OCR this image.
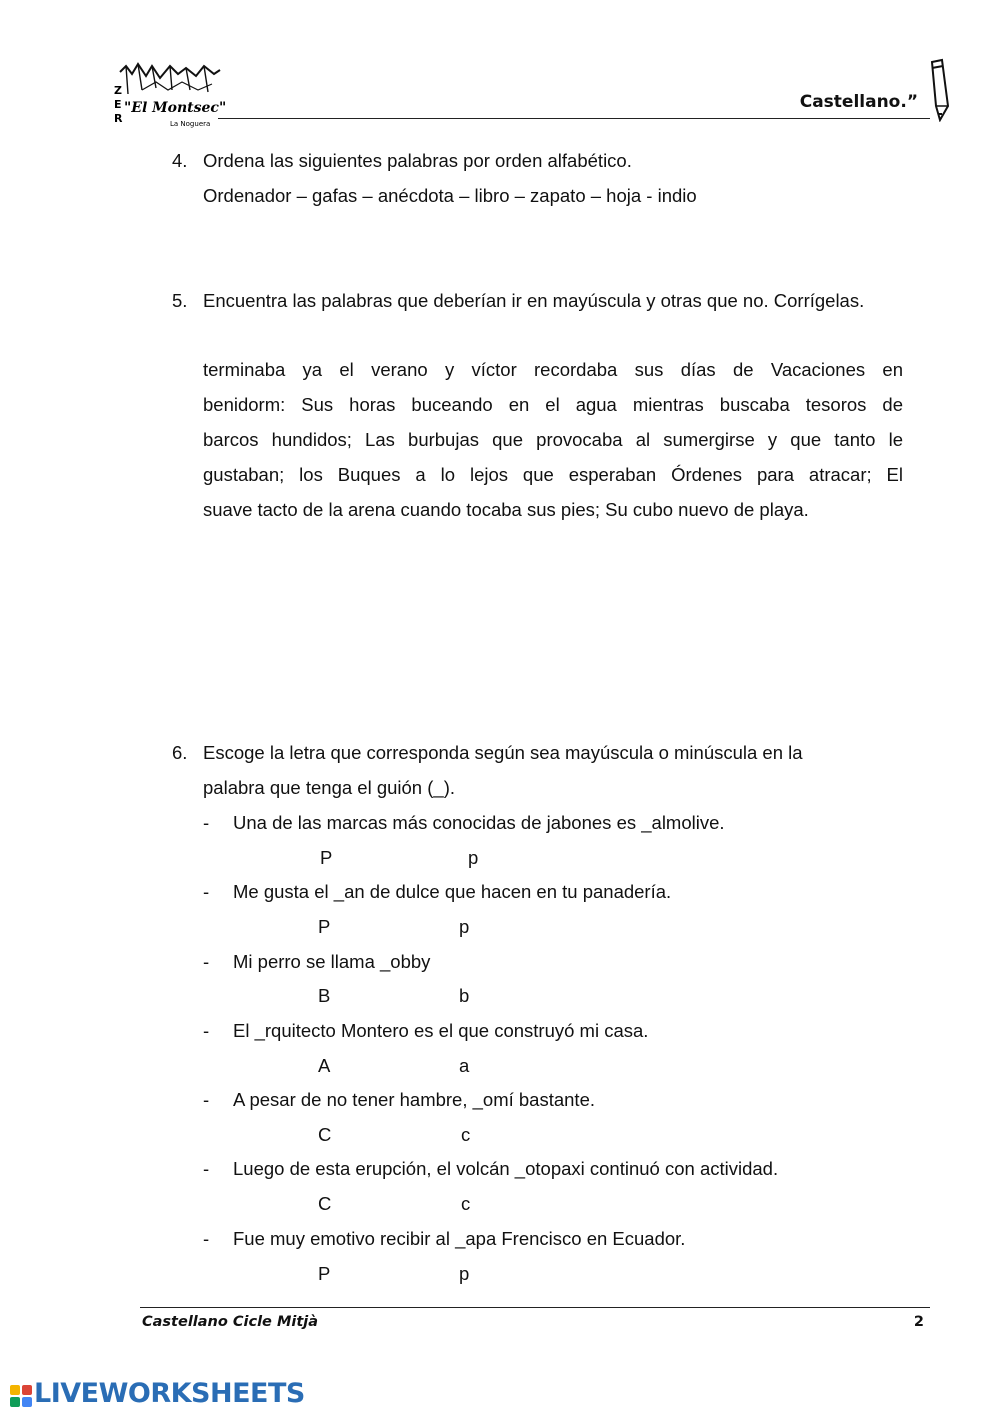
Z
E
R
"El Montsec"
La Noguera
Castellano.”
4. Ordena las siguientes palabras por orden alfabético.
Ordenador – gafas – anécdota – libro – zapato – hoja - indio
5. Encuentra las palabras que deberían ir en mayúscula y otras que no. Corrígelas.
terminaba ya el verano y víctor recordaba sus días de Vacaciones en
benidorm: Sus horas buceando en el agua mientras buscaba tesoros de
barcos hundidos; Las burbujas que provocaba al sumergirse y que tanto le
gustaban; los Buques a lo lejos que esperaban Órdenes para atracar; El
suave tacto de la arena cuando tocaba sus pies; Su cubo nuevo de playa.
6. Escoge la letra que corresponda según sea mayúscula o minúscula en la
palabra que tenga el guión (_).
-	Una de las marcas más conocidas de jabones es _almolive.
P	p
-	Me gusta el _an de dulce que hacen en tu panadería.
P	p
-	Mi perro se llama _obby
B	b
-	El _rquitecto Montero es el que construyó mi casa.
A	a
-	A pesar de no tener hambre, _omí bastante.
C	c
-	Luego de esta erupción, el volcán _otopaxi continuó con actividad.
C	c
-	Fue muy emotivo recibir al _apa Frencisco en Ecuador.
P	p
Castellano Cicle Mitjà	2
LIVEWORKSHEETS
